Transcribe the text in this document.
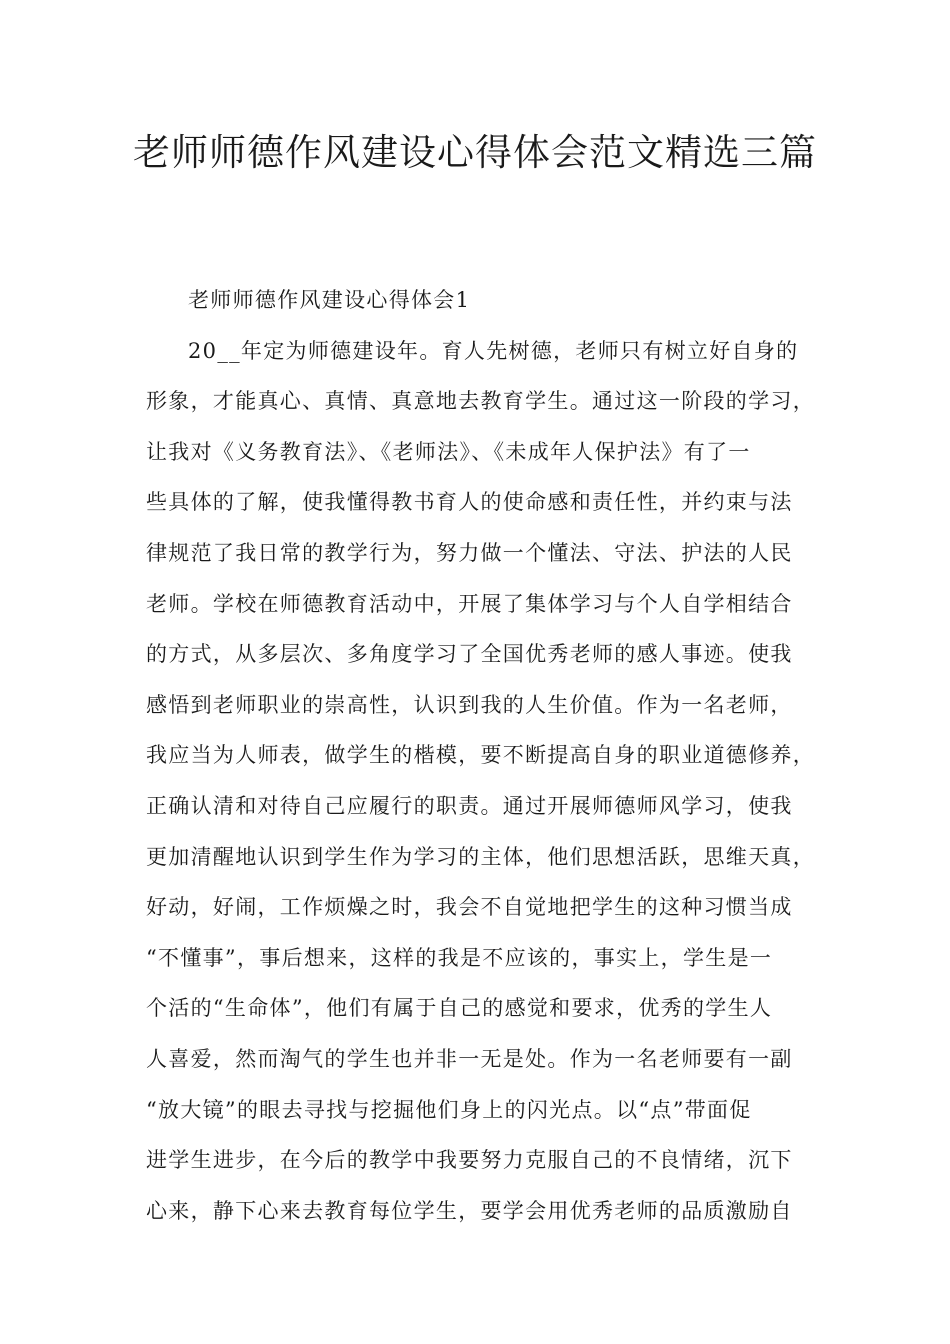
老师师德作风建设心得体会范文精选三篇
老师师德作风建设心得体会1
20__年定为师德建设年。育人先树德，老师只有树立好自身的
形象，才能真心、真情、真意地去教育学生。通过这一阶段的学习，
让我对《义务教育法》、《老师法》、《未成年人保护法》有了一
些具体的了解，使我懂得教书育人的使命感和责任性，并约束与法
律规范了我日常的教学行为，努力做一个懂法、守法、护法的人民
老师。学校在师德教育活动中，开展了集体学习与个人自学相结合
的方式，从多层次、多角度学习了全国优秀老师的感人事迹。使我
感悟到老师职业的崇高性，认识到我的人生价值。作为一名老师，
我应当为人师表，做学生的楷模，要不断提高自身的职业道德修养，
正确认清和对待自己应履行的职责。通过开展师德师风学习，使我
更加清醒地认识到学生作为学习的主体，他们思想活跃，思维天真，
好动，好闹，工作烦燥之时，我会不自觉地把学生的这种习惯当成
“不懂事”，事后想来，这样的我是不应该的，事实上，学生是一
个活的“生命体”，他们有属于自己的感觉和要求，优秀的学生人
人喜爱，然而淘气的学生也并非一无是处。作为一名老师要有一副
“放大镜”的眼去寻找与挖掘他们身上的闪光点。以“点”带面促
进学生进步，在今后的教学中我要努力克服自己的不良情绪，沉下
心来，静下心来去教育每位学生，要学会用优秀老师的品质激励自
